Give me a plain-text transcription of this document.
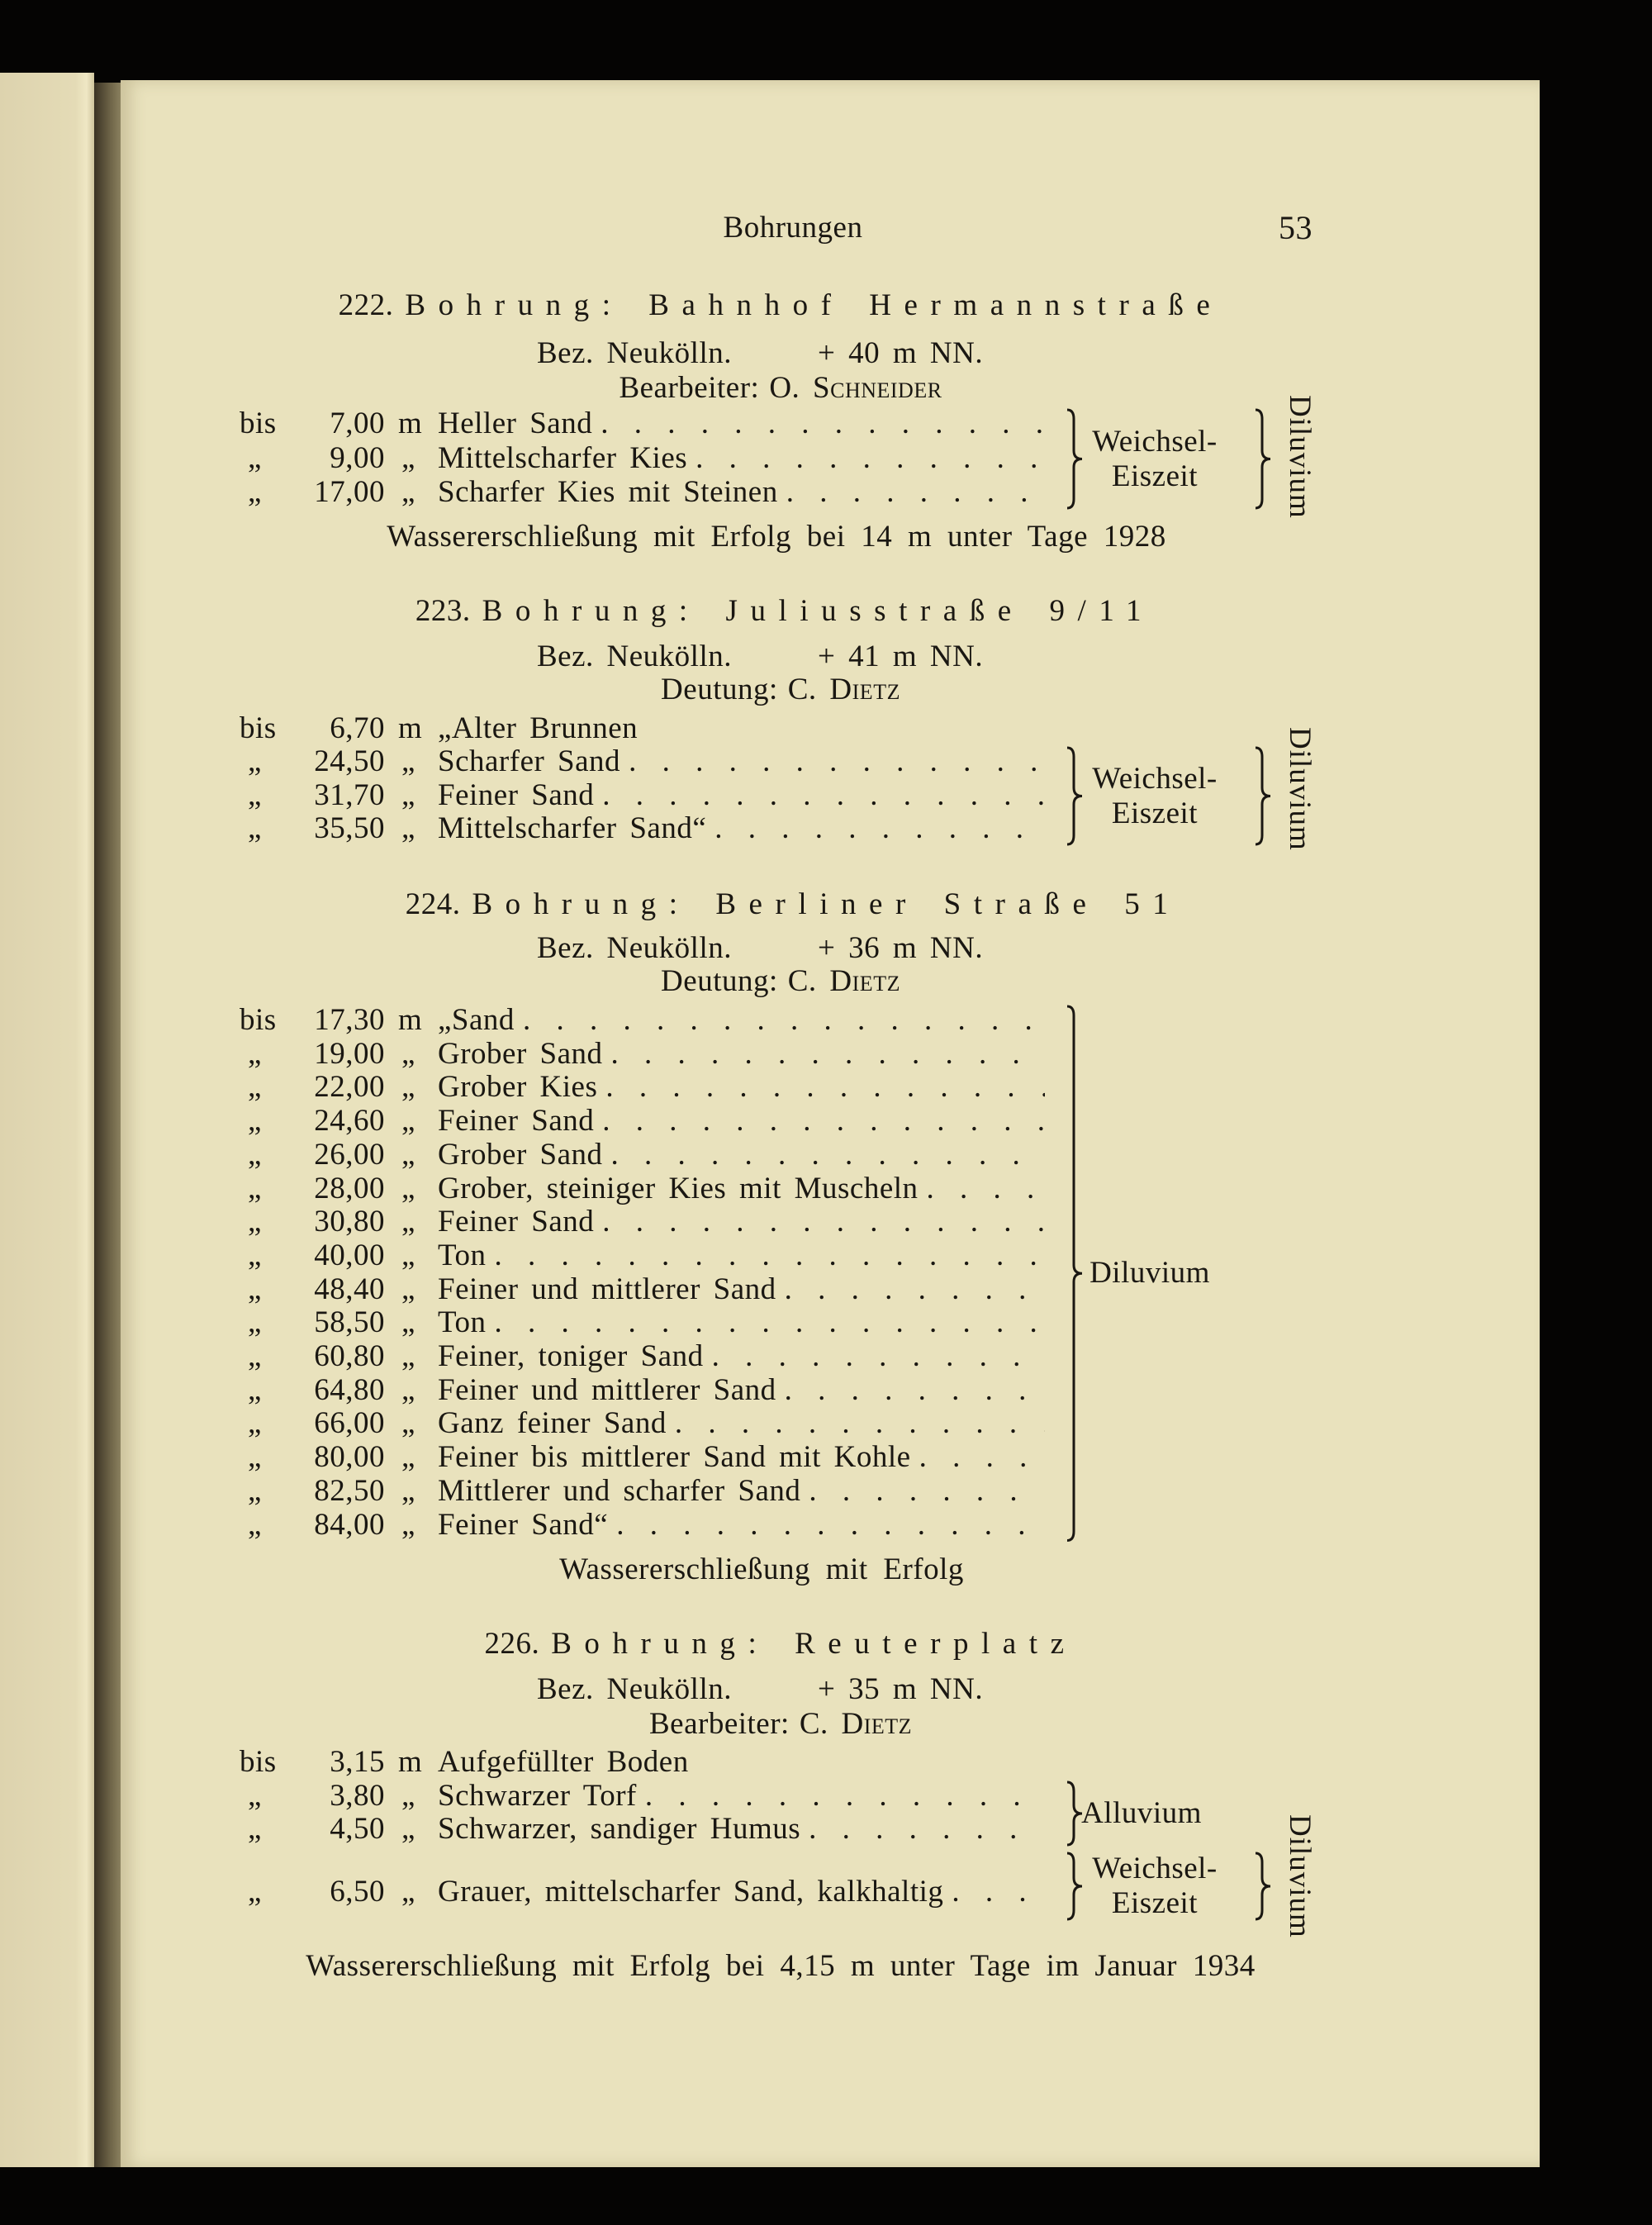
Bohrungen	53
222. Bohrung: Bahnhof Hermannstraße
Bez. Neukölln.	+ 40 m NN.
Bearbeiter: O. Schneider
bis	7,00 m Heller Sand
. . .
„	9,00 „ Mittelscharfer Kies
. . .
„	17,00 „ Scharfer Kies mit Steinen
. . .
Weichsel-
Eiszeit	Diluvium
Wassererschließung mit Erfolg bei 14 m unter Tage 1928
223. Bohrung: Juliusstraße 9/11
Bez. Neukölln.	+ 41 m NN.
Deutung: C. Dietz
bis	6,70 m „Alter Brunnen
„	24,50 „ Scharfer Sand
. . .
„	31,70 „ Feiner Sand
. . .
„	35,50 „ Mittelscharfer Sand“
. . .
Weichsel-
Eiszeit	Diluvium
224. Bohrung: Berliner Straße 51
Bez. Neukölln.	+ 36 m NN.
Deutung: C. Dietz
bis	17,30 m „Sand
. . .
„	19,00 „ Grober Sand
. . .
„	22,00 „ Grober Kies
. . .
„	24,60 „ Feiner Sand
. . .
„	26,00 „ Grober Sand
. . .
„	28,00 „ Grober, steiniger Kies mit Muscheln
. . .
„	30,80 „ Feiner Sand
. . .
„	40,00 „ Ton
. . .
„	48,40 „ Feiner und mittlerer Sand
. . .
„	58,50 „ Ton
. . .
„	60,80 „ Feiner, toniger Sand
. . .
„	64,80 „ Feiner und mittlerer Sand
. . .
„	66,00 „ Ganz feiner Sand
. . .
„	80,00 „ Feiner bis mittlerer Sand mit Kohle
. . .
„	82,50 „ Mittlerer und scharfer Sand
. . .
„	84,00 „ Feiner Sand“
. . .
Diluvium
Wassererschließung mit Erfolg
226. Bohrung: Reuterplatz
Bez. Neukölln.	+ 35 m NN.
Bearbeiter: C. Dietz
bis	3,15 m Aufgefüllter Boden
„	3,80 „ Schwarzer Torf
. . .
„	4,50 „ Schwarzer, sandiger Humus
. . .
„	6,50 „ Grauer, mittelscharfer Sand, kalkhaltig
. . .
Alluvium
Weichsel-
Eiszeit	Diluvium
Wassererschließung mit Erfolg bei 4,15 m unter Tage im Januar 1934
